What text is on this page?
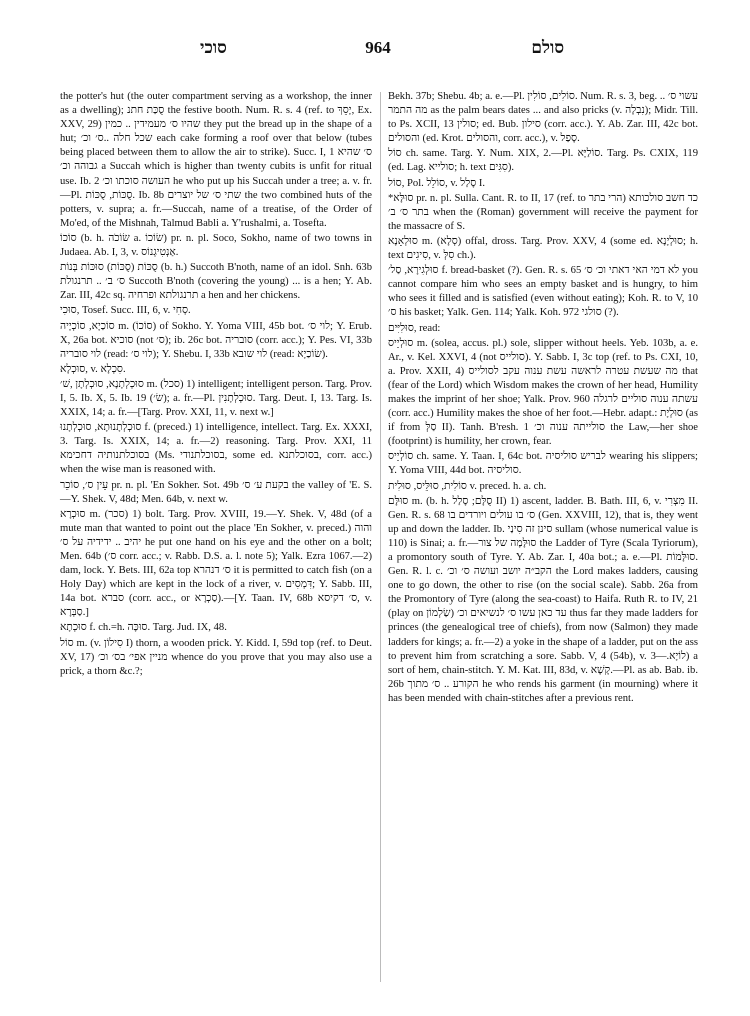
סוכי	964	סולם

the potter's hut (the outer compartment serving as a workshop, the inner as a dwelling); סֻכַּת חתנ the festive booth. Num. R. s. 4 (ref. to יָסֵךְ, Ex. XXV, 29) שהיו ס׳ מעמידין .. כמין they put the bread up in the shape of a hut; שכל חלה ..ס׳ וכ׳ each cake forming a roof over that below (tubes being placed between them to allow the air to strike). Succ. I, 1 ס׳ שהיא גבוהה וכ׳ a Succah which is higher than twenty cubits is unfit for ritual use. Ib. 2 העושה סוכתו וכ׳ he who put up his Succah under a tree; a. v. fr.—Pl. סֻכּוֹת, סֻכּוֹת. Ib. 8b שתי ס׳ של יוצרים the two combined huts of the potters, v. supra; a. fr.—Succah, name of a treatise, of the Order of Mo'ed, of the Mishnah, Talmud Babli a. Y'rushalmi, a. Tosefta.

סוֹכוֹ (b. h. שׂוֹכֹה a. שׂוֹכוֹ) pr. n. pl. Soco, Sokho, name of two towns in Judaea. Ab. I, 3, v. אַנְטִיגְנוֹס.

סֻכּוֹת (סֻכּוֹת) סוּכּוֹת בְּנוֹת (b. h.) Succoth B'noth, name of an idol. Snh. 63b ס׳ ב׳ .. תרנגולת Succoth B'noth (covering the young) ... is a hen; Y. Ab. Zar. III, 42c sq. תרנגולתא ופרחיה a hen and her chickens.

סוּכִי, Tosef. Succ. III, 6, v. סְחִי.

סוֹכַיָא, סוֹכְיָיה m. (סוֹכוֹ) of Sokho. Y. Yoma VIII, 45b bot. לוי ס׳; Y. Erub. X, 26a bot. סוכיא (not ס׳); ib. 26c bot. סובריה (corr. acc.); Y. Pes. VI, 33b לוי סובריה (read: לוי ס׳); Y. Shebu. I, 33b לוי שובא (read: שׂוֹכַיָא).

סוּכְלָא, v. סִכְלָא.

סוּכְלְתָנָא, סוּכְלְתָן ,שׁ׳ m. (סכל) 1) intelligent; intelligent person. Targ. Prov. I, 5. Ib. X, 5. Ib. 19 (שׂ׳); a. fr.—Pl. סוּכְלְתָנִין. Targ. Deut. I, 13. Targ. Is. XXIX, 14; a. fr.—[Targ. Prov. XXI, 11, v. next w.]

סוּכְלְתָנוּתָא, סוּכְלְתָנוּ f. (preced.) 1) intelligence, intellect. Targ. Ex. XXXI, 3. Targ. Is. XXIX, 14; a. fr.—2) reasoning. Targ. Prov. XXI, 11 בסוכלתנותיה דחכימא (Ms. בסוכלתנודי, some ed. בסוכלתנא, corr. acc.) when the wise man is reasoned with.

עֵין ס׳, סוֹכֵר pr. n. pl. 'En Sokher. Sot. 49b בקעת ע׳ ס׳ the valley of 'E. S.—Y. Shek. V, 48d; Men. 64b, v. next w.

סוּכְרָא m. (סכר) 1) bolt. Targ. Prov. XVIII, 19.—Y. Shek. V, 48d (of a mute man that wanted to point out the place 'En Sokher, v. preced.) והוה יהיב .. ידידיה על ס׳ he put one hand on his eye and the other on a bolt; Men. 64b (ס׳ corr. acc.; v. Rabb. D.S. a. l. note 5); Yalk. Ezra 1067.—2) dam, lock. Y. Bets. III, 62a top ס׳ דנהרא it is permitted to catch fish (on a Holy Day) which are kept in the lock of a river, v. דִּמְסִים; Y. Sabb. III, 14a bot. סברא (corr. acc., or סַכְרָא).—[Y. Taan. IV, 68b ס׳ דקיסא, v. סַבְּרָא.]

סוּכְתָא f. ch.=h. סוּכָּה. Targ. Jud. IX, 48.

סוֹל m. (v. סִילוֹן I) thorn, a wooden prick. Y. Kidd. I, 59d top (ref. to Deut. XV, 17) מניין אפי׳ בס׳ וכ׳ whence do you prove that you may also use a prick, a thorn &c.?;

Bekh. 37b; Shebu. 4b; a. e.—Pl. סוֹלִים, סוֹלִין. Num. R. s. 3, beg. עשוי ס׳ .. מה התמר as the palm bears dates ... and also pricks (v. נִבְלָה); Midr. Till. to Ps. XCII, 13 סולין; ed. Bub. סילון (corr. acc.). Y. Ab. Zar. III, 42c bot. והסולים (ed. Krot. והסולים, corr. acc.), v. סָפַל.

סוֹל ch. same. Targ. Y. Num. XIX, 2.—Pl. סוֹלַיָּא. Targ. Ps. CXIX, 119 (ed. Lag. סולייא; h. text סִגִּים).

סוֹל, Pol. סוֹלֵל, v. סָלַל I.

*סוּלָּא pr. n. pl. Sulla. Cant. R. to II, 17 (ref. to הרי בתר) כד חשב סולכותא בתר ס׳ ב׳ when the (Roman) government will receive the payment for the massacre of S.

סוּלְאָנָא m. (סְלָא) offal, dross. Targ. Prov. XXV, 4 (some ed. סוּלְיָנָא; h. text סִיגִים, v. סִלְּ ch.).

סוּלְגִירָא, סַל׳ f. bread-basket (?). Gen. R. s. 65 לא דמי האי דאתי וכ׳ ס׳ you cannot compare him who sees an empty basket and is hungry, to him who sees it filled and is satisfied (even without eating); Koh. R. to V, 10 ס׳ his basket; Yalk. Gen. 114; Yalk. Koh. 972 סולגי (?).

סוּלִיִּים, read:

סוּלְיֵיס m. (solea, accus. pl.) sole, slipper without heels. Yeb. 103b, a. e. Ar., v. Kel. XXVI, 4 (not סולייס). Y. Sabb. I, 3c top (ref. to Ps. CXI, 10, a. Prov. XXII, 4) מה שעשת עטרה לראשה עשת ענוה עקב לסולייס that (fear of the Lord) which Wisdom makes the crown of her head, Humility makes the imprint of her shoe; Yalk. Prov. 960 עשתה ענוה סוליים לרגלה (corr. acc.) Humility makes the shoe of her foot.—Hebr. adapt.: סוּלְיָת (as if from סַלְּ II). Tanh. B'resh. 1 סולייתה ענוה וכ׳ the Law,—her shoe (footprint) is humility, her crown, fear.

סוֹלְיֵיס ch. same. Y. Taan. I, 64c bot. לבריש סוליסיה wearing his slippers; Y. Yoma VIII, 44d bot. סוליסיה.

סוֹלִית, סוּלֵּיס, סוּלִית v. preced. h. a. ch.

סוּלָּם m. (b. h. סֻלָּם; סָלַל II) 1) ascent, ladder. B. Bath. III, 6, v. מִצְרִי II. Gen. R. s. 68 ס׳ בו עולים ויורדים בו (Gen. XXVIII, 12), that is, they went up and down the ladder. Ib. סינן זה סִינַי sullam (whose numerical value is 110) is Sinai; a. fr.—סוּלָּמָה של צור the Ladder of Tyre (Scala Tyriorum), a promontory south of Tyre. Y. Ab. Zar. I, 40a bot.; a. e.—Pl. סוּלָּמוֹת. Gen. R. l. c. הקב״ה יושב ועושה ס׳ וכ׳ the Lord makes ladders, causing one to go down, the other to rise (on the social scale). Sabb. 26a from the Promontory of Tyre (along the sea-coast) to Haifa. Ruth R. to IV, 21 (play on שַׂלְמוֹן) עד כאן עשו ס׳ לנשיאים וכ׳ thus far they made ladders for princes (the genealogical tree of chiefs), from now (Salmon) they made ladders for kings; a. fr.—2) a yoke in the shape of a ladder, put on the ass to prevent him from scratching a sore. Sabb. V, 4 (54b), v. לוֹיָא.—3) a sort of hem, chain-stitch. Y. M. Kat. III, 83d, v. קָשָׁא.—Pl. as ab. Bab. ib. 26b הקורע .. ס׳ מתוך he who rends his garment (in mourning) where it has been mended with chain-stitches after a previous rent.
